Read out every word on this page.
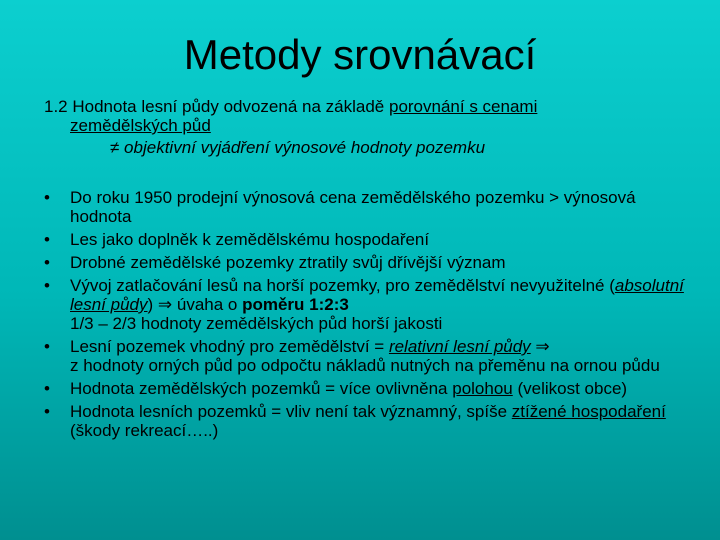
Metody srovnávací
1.2 Hodnota lesní půdy odvozená na základě porovnání s cenami
zemědělských půd
≠ objektivní vyjádření výnosové hodnoty pozemku
• Do roku 1950 prodejní výnosová cena zemědělského pozemku > výnosová hodnota
• Les jako doplněk k zemědělskému hospodaření
• Drobné zemědělské pozemky ztratily svůj dřívější význam
• Vývoj zatlačování lesů na horší pozemky, pro zemědělství nevyužitelné (absolutní lesní půdy) ⇒ úvaha o poměru 1:2:3
1/3 – 2/3 hodnoty zemědělských půd horší jakosti
• Lesní pozemek vhodný pro zemědělství = relativní lesní půdy ⇒
z hodnoty orných půd po odpočtu nákladů nutných na přeměnu na ornou půdu
• Hodnota zemědělských pozemků = více ovlivněna polohou (velikost obce)
• Hodnota lesních pozemků = vliv není tak významný, spíše ztížené hospodaření (škody rekreací…..)
